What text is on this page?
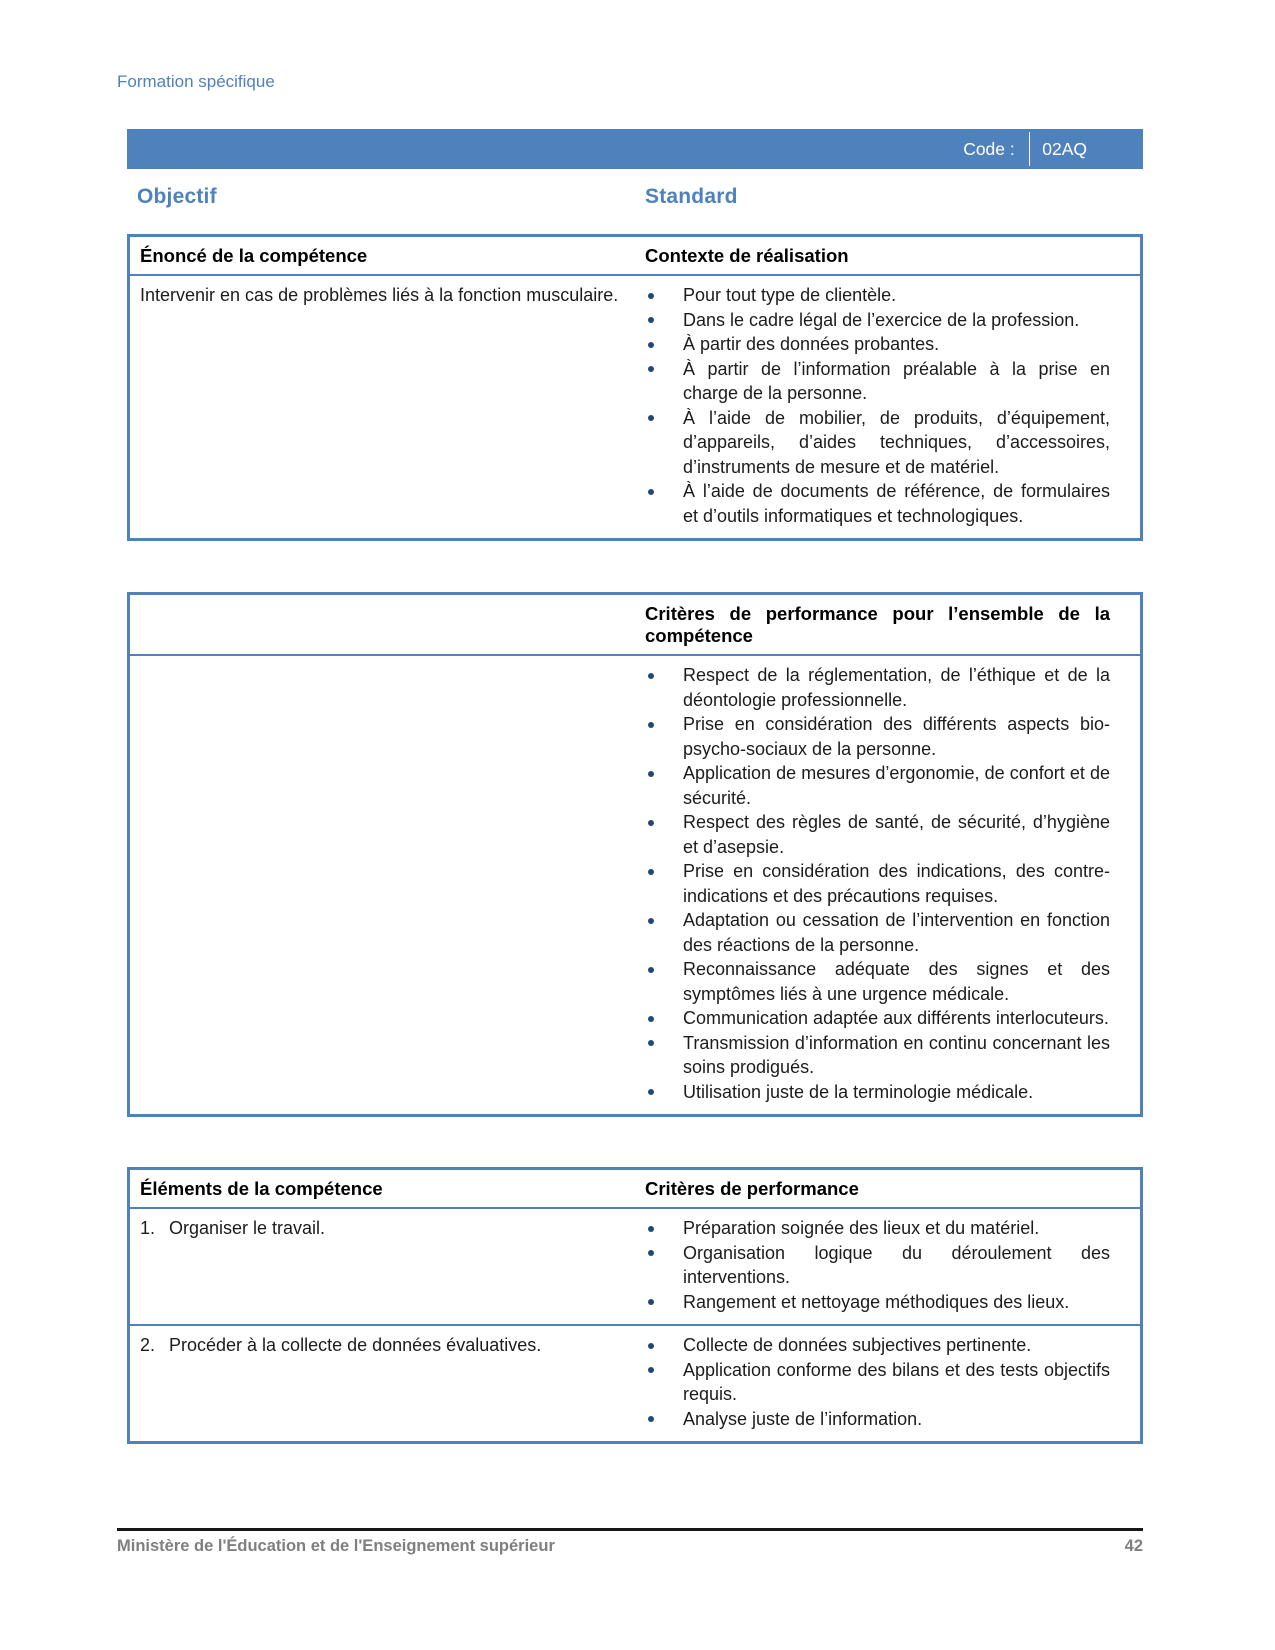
Formation spécifique
Code : 02AQ
Objectif	Standard
Énoncé de la compétence	Contexte de réalisation
Intervenir en cas de problèmes liés à la fonction musculaire.	Pour tout type de clientèle.
Dans le cadre légal de l’exercice de la profession.
À partir des données probantes.
À partir de l’information préalable à la prise en charge de la personne.
À l’aide de mobilier, de produits, d’équipement, d’appareils, d’aides techniques, d’accessoires, d’instruments de mesure et de matériel.
À l’aide de documents de référence, de formulaires et d’outils informatiques et technologiques.
Critères de performance pour l’ensemble de la compétence
Respect de la réglementation, de l’éthique et de la déontologie professionnelle.
Prise en considération des différents aspects bio-psycho-sociaux de la personne.
Application de mesures d’ergonomie, de confort et de sécurité.
Respect des règles de santé, de sécurité, d’hygiène et d’asepsie.
Prise en considération des indications, des contre-indications et des précautions requises.
Adaptation ou cessation de l’intervention en fonction des réactions de la personne.
Reconnaissance adéquate des signes et des symptômes liés à une urgence médicale.
Communication adaptée aux différents interlocuteurs.
Transmission d’information en continu concernant les soins prodigués.
Utilisation juste de la terminologie médicale.
Éléments de la compétence	Critères de performance
1. Organiser le travail.	Préparation soignée des lieux et du matériel.
Organisation logique du déroulement des interventions.
Rangement et nettoyage méthodiques des lieux.
2. Procéder à la collecte de données évaluatives.	Collecte de données subjectives pertinente.
Application conforme des bilans et des tests objectifs requis.
Analyse juste de l’information.
Ministère de l'Éducation et de l'Enseignement supérieur	42
